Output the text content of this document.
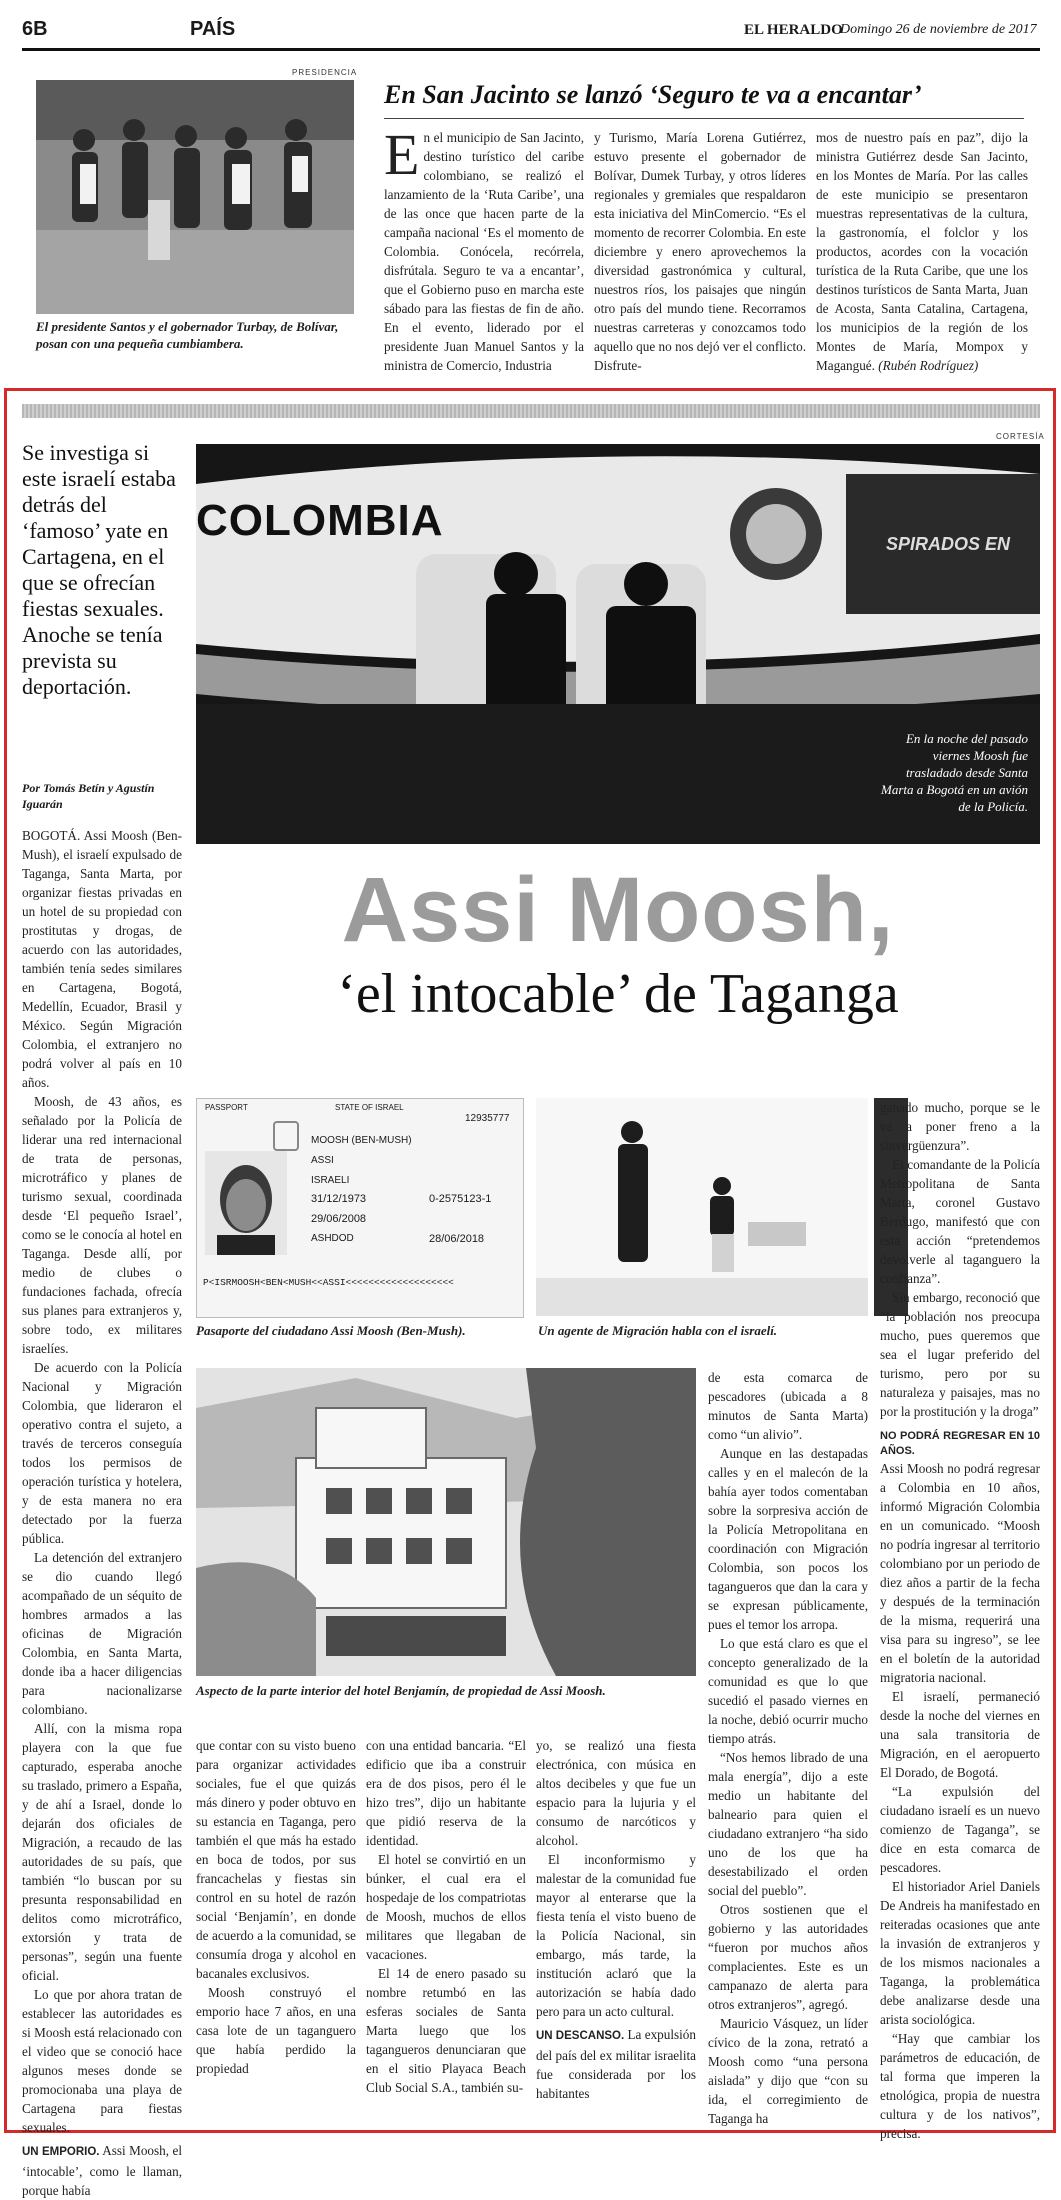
6B	PAÍS	EL HERALDO
Domingo 26 de noviembre de 2017
PRESIDENCIA
El presidente Santos y el gobernador Turbay, de Bolívar, posan con una pequeña cumbiambera.
En San Jacinto se lanzó ‘Seguro te va a encantar’
En el municipio de San Jacinto, destino turístico del caribe colombiano, se realizó el lanzamiento de la ‘Ruta Caribe’, una de las once que hacen parte de la campaña nacional ‘Es el momento de Colombia. Conócela, recórrela, disfrútala. Seguro te va a encantar’, que el Gobierno puso en marcha este sábado para las fiestas de fin de año. En el evento, liderado por el presidente Juan Manuel Santos y la ministra de Comercio, Industria
y Turismo, María Lorena Gutiérrez, estuvo presente el gobernador de Bolívar, Dumek Turbay, y otros líderes regionales y gremiales que respaldaron esta iniciativa del MinComercio. “Es el momento de recorrer Colombia. En este diciembre y enero aprovechemos la diversidad gastronómica y cultural, nuestros ríos, los paisajes que ningún otro país del mundo tiene. Recorramos nuestras carreteras y conozcamos todo aquello que no nos dejó ver el conflicto. Disfrute-
mos de nuestro país en paz”, dijo la ministra Gutiérrez desde San Jacinto, en los Montes de María. Por las calles de este municipio se presentaron muestras representativas de la cultura, la gastronomía, el folclor y los productos, acordes con la vocación turística de la Ruta Caribe, que une los destinos turísticos de Santa Marta, Juan de Acosta, Santa Catalina, Cartagena, los municipios de la región de los Montes de María, Mompox y Magangué. (Rubén Rodríguez)
Se investiga si este israelí estaba detrás del ‘famoso’ yate en Cartagena, en el que se ofrecían fiestas sexuales. Anoche se tenía prevista su deportación.
Por Tomás Betín y Agustín Iguarán
CORTESÍA
COLOMBIA	SPIRADOS EN
En la noche del pasado viernes Moosh fue trasladado desde Santa Marta a Bogotá en un avión de la Policía.
Assi Moosh,
‘el intocable’ de Taganga
PASSPORT	STATE OF ISRAEL
12935777
MOOSH (BEN-MUSH)
ASSI
ISRAELI
31/12/1973
29/06/2008
ASHDOD
0-2575123-1
28/06/2018
P<ISRMOOSH<BEN<MUSH<<ASSI<<<<<<<<<<<<<<<<<<<
Pasaporte del ciudadano Assi Moosh (Ben-Mush).	Un agente de Migración habla con el israelí.
Aspecto de la parte interior del hotel Benjamín, de propiedad de Assi Moosh.

BOGOTÁ. Assi Moosh (Ben-Mush), el israelí expulsado de Taganga, Santa Marta, por organizar fiestas privadas en un hotel de su propiedad con prostitutas y drogas, de acuerdo con las autoridades, también tenía sedes similares en Cartagena, Bogotá, Medellín, Ecuador, Brasil y México. Según Migración Colombia, el extranjero no podrá volver al país en 10 años.

Moosh, de 43 años, es señalado por la Policía de liderar una red internacional de trata de personas, microtráfico y planes de turismo sexual, coordinada desde ‘El pequeño Israel’, como se le conocía al hotel en Taganga. Desde allí, por medio de clubes o fundaciones fachada, ofrecía sus planes para extranjeros y, sobre todo, ex militares israelíes.

De acuerdo con la Policía Nacional y Migración Colombia, que lideraron el operativo contra el sujeto, a través de terceros conseguía todos los permisos de operación turística y hotelera, y de esta manera no era detectado por la fuerza pública.

La detención del extranjero se dio cuando llegó acompañado de un séquito de hombres armados a las oficinas de Migración Colombia, en Santa Marta, donde iba a hacer diligencias para nacionalizarse colombiano.

Allí, con la misma ropa playera con la que fue capturado, esperaba anoche su traslado, primero a España, y de ahí a Israel, donde lo dejarán dos oficiales de Migración, a recaudo de las autoridades de su país, que también “lo buscan por su presunta responsabilidad en delitos como microtráfico, extorsión y trata de personas”, según una fuente oficial.

Lo que por ahora tratan de establecer las autoridades es si Moosh está relacionado con el video que se conoció hace algunos meses donde se promocionaba una playa de Cartagena para fiestas sexuales.

UN EMPORIO. Assi Moosh, el ‘intocable’, como le llaman, porque había

que contar con su visto bueno para organizar actividades sociales, fue el que quizás más dinero y poder obtuvo en su estancia en Taganga, pero también el que más ha estado en boca de todos, por sus francachelas y fiestas sin control en su hotel de razón social ‘Benjamín’, en donde de acuerdo a la comunidad, se consumía droga y alcohol en bacanales exclusivos.

Moosh construyó el emporio hace 7 años, en una casa lote de un taganguero que había perdido la propiedad

con una entidad bancaria. “El edificio que iba a construir era de dos pisos, pero él le hizo tres”, dijo un habitante que pidió reserva de la identidad.

El hotel se convirtió en un búnker, el cual era el hospedaje de los compatriotas de Moosh, muchos de ellos militares que llegaban de vacaciones.

El 14 de enero pasado su nombre retumbó en las esferas sociales de Santa Marta luego que los tagangueros denunciaran que en el sitio Playaca Beach Club Social S.A., también su-

yo, se realizó una fiesta electrónica, con música en altos decibeles y que fue un espacio para la lujuria y el consumo de narcóticos y alcohol.

El inconformismo y malestar de la comunidad fue mayor al enterarse que la fiesta tenía el visto bueno de la Policía Nacional, sin embargo, más tarde, la institución aclaró que la autorización se había dado pero para un acto cultural.

UN DESCANSO. La expulsión del país del ex militar israelita fue considerada por los habitantes

de esta comarca de pescadores (ubicada a 8 minutos de Santa Marta) como “un alivio”.

Aunque en las destapadas calles y en el malecón de la bahía ayer todos comentaban sobre la sorpresiva acción de la Policía Metropolitana en coordinación con Migración Colombia, son pocos los tagangueros que dan la cara y se expresan públicamente, pues el temor los arropa.

Lo que está claro es que el concepto generalizado de la comunidad es que lo que sucedió el pasado viernes en la noche, debió ocurrir mucho tiempo atrás.

“Nos hemos librado de una mala energía”, dijo a este medio un habitante del balneario para quien el ciudadano extranjero “ha sido uno de los que ha desestabilizado el orden social del pueblo”.

Otros sostienen que el gobierno y las autoridades “fueron por muchos años complacientes. Este es un campanazo de alerta para otros extranjeros”, agregó.

Mauricio Vásquez, un líder cívico de la zona, retrató a Moosh como “una persona aislada” y dijo que “con su ida, el corregimiento de Taganga ha

ganado mucho, porque se le va a poner freno a la sinvergüenzura”.

El comandante de la Policía Metropolitana de Santa Marta, coronel Gustavo Berdugo, manifestó que con esta acción “pretendemos devolverle al taganguero la confianza”.

Sin embargo, reconoció que “la población nos preocupa mucho, pues queremos que sea el lugar preferido del turismo, pero por su naturaleza y paisajes, mas no por la prostitución y la droga”

NO PODRÁ REGRESAR EN 10 AÑOS.

Assi Moosh no podrá regresar a Colombia en 10 años, informó Migración Colombia en un comunicado. “Moosh no podría ingresar al territorio colombiano por un periodo de diez años a partir de la fecha y después de la terminación de la misma, requerirá una visa para su ingreso”, se lee en el boletín de la autoridad migratoria nacional.

El israelí, permaneció desde la noche del viernes en una sala transitoria de Migración, en el aeropuerto El Dorado, de Bogotá.

“La expulsión del ciudadano israelí es un nuevo comienzo de Taganga”, se dice en esta comarca de pescadores.

El historiador Ariel Daniels De Andreis ha manifestado en reiteradas ocasiones que ante la invasión de extranjeros y de los mismos nacionales a Taganga, la problemática debe analizarse desde una arista sociológica.

“Hay que cambiar los parámetros de educación, de tal forma que imperen la etnológica, propia de nuestra cultura y de los nativos”, precisa.
